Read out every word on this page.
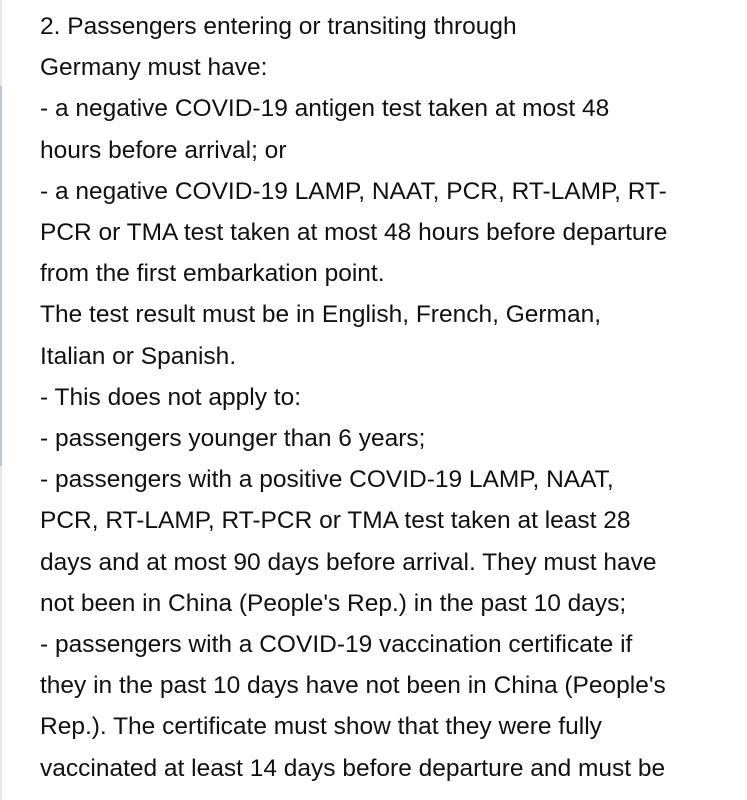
2. Passengers entering or transiting through
Germany must have:
- a negative COVID-19 antigen test taken at most 48
hours before arrival; or
- a negative COVID-19 LAMP, NAAT, PCR, RT-LAMP, RT-
PCR or TMA test taken at most 48 hours before departure
from the first embarkation point.
The test result must be in English, French, German,
Italian or Spanish.
- This does not apply to:
- passengers younger than 6 years;
- passengers with a positive COVID-19 LAMP, NAAT,
PCR, RT-LAMP, RT-PCR or TMA test taken at least 28
days and at most 90 days before arrival. They must have
not been in China (People's Rep.) in the past 10 days;
- passengers with a COVID-19 vaccination certificate if
they in the past 10 days have not been in China (People's
Rep.). The certificate must show that they were fully
vaccinated at least 14 days before departure and must be
